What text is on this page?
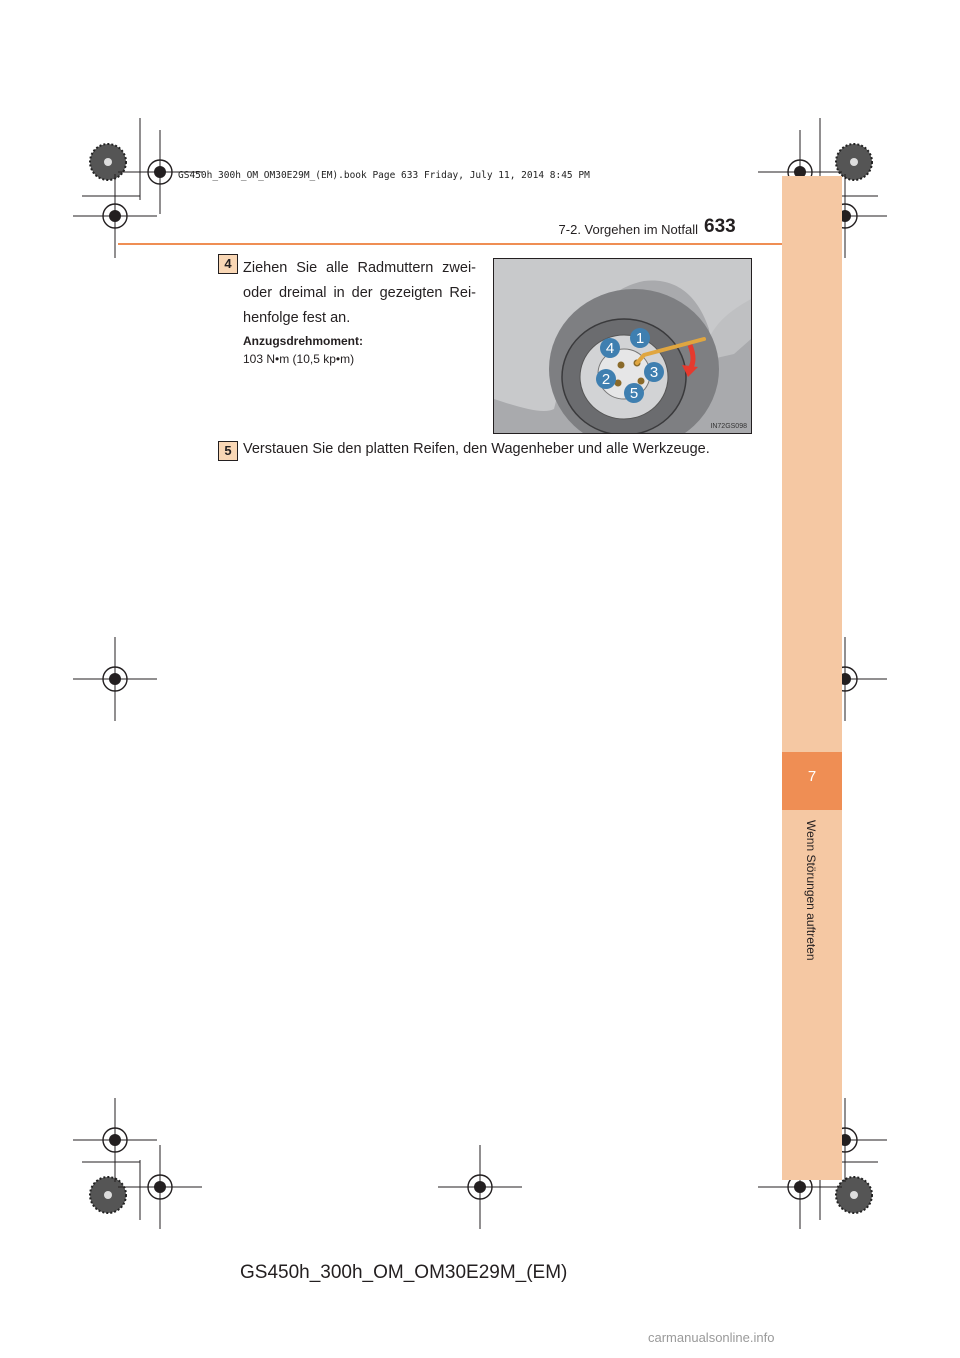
7
Wenn Störungen auftreten
GS450h_300h_OM_OM30E29M_(EM).book Page 633 Friday, July 11, 2014 8:45 PM
7-2. Vorgehen im Notfall 633
4 Ziehen Sie alle Radmuttern zwei- oder dreimal in der gezeigten Rei- henfolge fest an.
Anzugsdrehmoment:
103 N•m (10,5 kp•m)
1
4
3
2
5
IN72GS098
5 Verstauen Sie den platten Reifen, den Wagenheber und alle Werkzeuge.
GS450h_300h_OM_OM30E29M_(EM)
carmanualsonline.info
